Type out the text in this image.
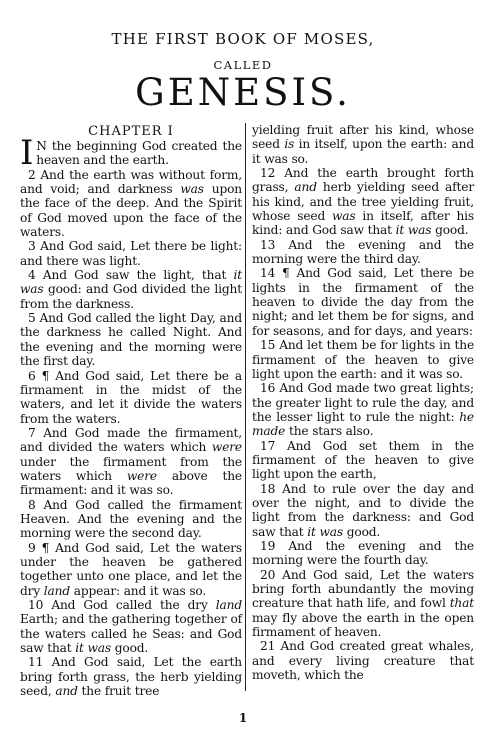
THE FIRST BOOK OF MOSES,
CALLED
GENESIS.
CHAPTER I

I N the beginning God created the heaven and the earth.

2 And the earth was without form, and void; and darkness was upon the face of the deep. And the Spirit of God moved upon the face of the waters.

3 And God said, Let there be light: and there was light.

4 And God saw the light, that it was good: and God divided the light from the darkness.

5 And God called the light Day, and the darkness he called Night. And the evening and the morning were the first day.

6 ¶ And God said, Let there be a firmament in the midst of the waters, and let it divide the waters from the waters.

7 And God made the firmament, and divided the waters which were under the firmament from the waters which were above the firmament: and it was so.

8 And God called the firmament Heaven. And the evening and the morning were the second day.

9 ¶ And God said, Let the waters under the heaven be gathered together unto one place, and let the dry land appear: and it was so.

10 And God called the dry land Earth; and the gathering together of the waters called he Seas: and God saw that it was good.

11 And God said, Let the earth bring forth grass, the herb yielding seed, and the fruit tree

yielding fruit after his kind, whose seed is in itself, upon the earth: and it was so.

12 And the earth brought forth grass, and herb yielding seed after his kind, and the tree yielding fruit, whose seed was in itself, after his kind: and God saw that it was good.

13 And the evening and the morning were the third day.

14 ¶ And God said, Let there be lights in the firmament of the heaven to divide the day from the night; and let them be for signs, and for seasons, and for days, and years:

15 And let them be for lights in the firmament of the heaven to give light upon the earth: and it was so.

16 And God made two great lights; the greater light to rule the day, and the lesser light to rule the night: he made the stars also.

17 And God set them in the firmament of the heaven to give light upon the earth,

18 And to rule over the day and over the night, and to divide the light from the darkness: and God saw that it was good.

19 And the evening and the morning were the fourth day.

20 And God said, Let the waters bring forth abundantly the moving creature that hath life, and fowl that may fly above the earth in the open firmament of heaven.

21 And God created great whales, and every living creature that moveth, which the

1
